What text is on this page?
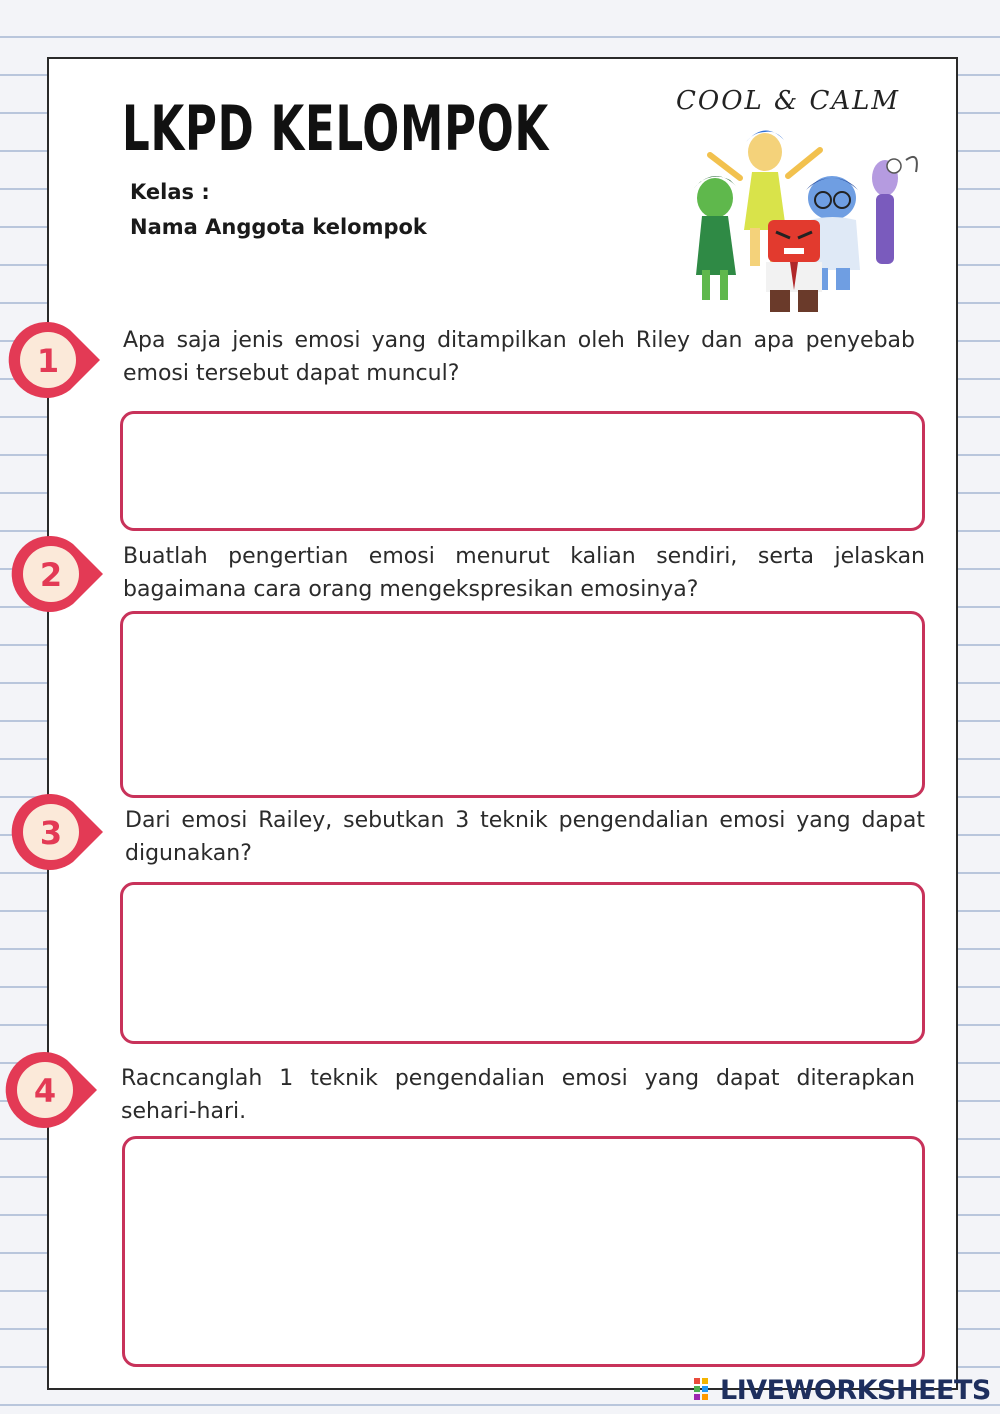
LKPD KELOMPOK
Kelas :
Nama Anggota kelompok
COOL & CALM
1
2
3
4

Apa saja jenis emosi yang ditampilkan oleh Riley dan apa penyebab emosi tersebut dapat muncul?

Buatlah pengertian emosi menurut kalian sendiri, serta jelaskan bagaimana cara orang mengekspresikan emosinya?

Dari emosi Railey, sebutkan 3 teknik pengendalian emosi yang dapat digunakan?

Racncanglah 1 teknik pengendalian emosi yang dapat diterapkan sehari-hari.

LIVEWORKSHEETS
